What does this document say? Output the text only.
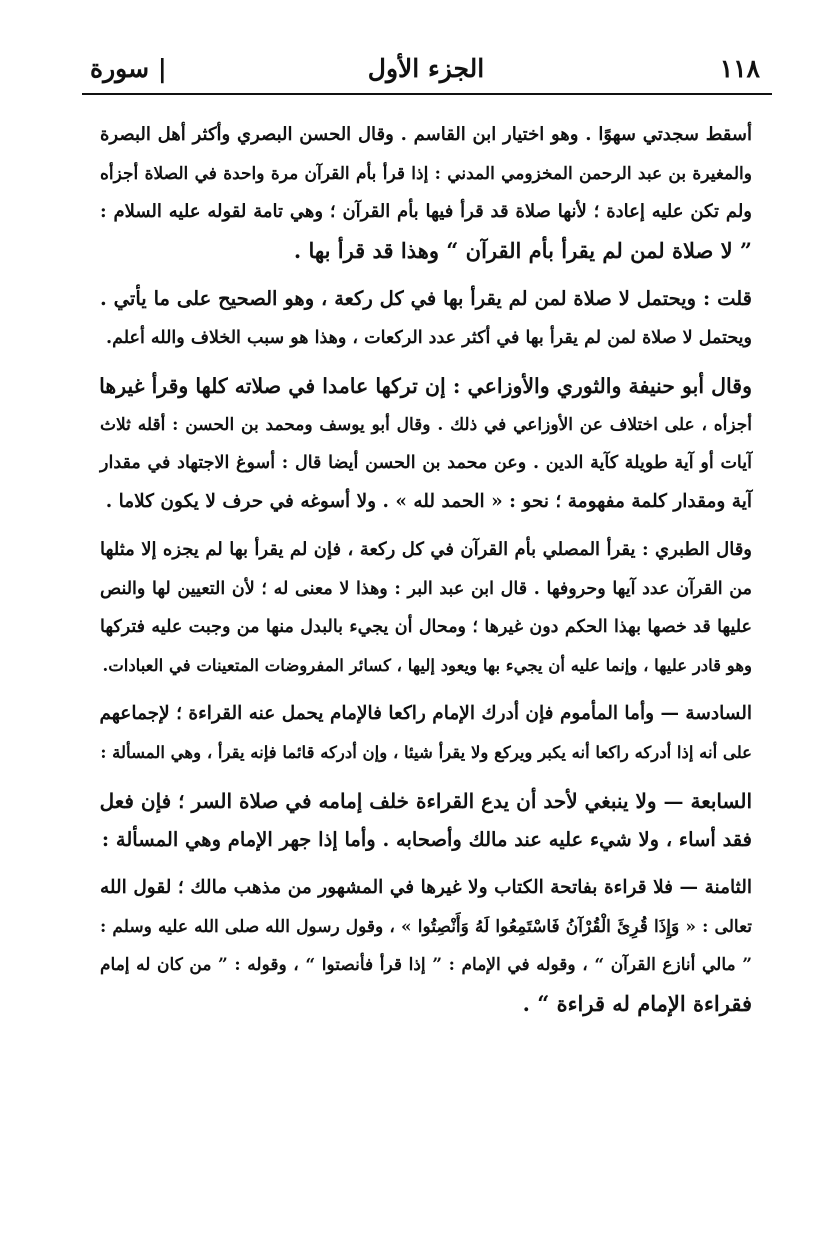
١١٨
الجزء الأول
| سورة
أسقط سجدتي سهوًا . وهو اختيار ابن القاسم . وقال الحسن البصري وأكثر أهل البصرة
والمغيرة بن عبد الرحمن المخزومي المدني : إذا قرأ بأم القرآن مرة واحدة في الصلاة أجزأه
ولم تكن عليه إعادة ؛ لأنها صلاة قد قرأ فيها بأم القرآن ؛ وهي تامة لقوله عليه السلام :
” لا صلاة لمن لم يقرأ بأم القرآن “ وهذا قد قرأ بها .
قلت : ويحتمل لا صلاة لمن لم يقرأ بها في كل ركعة ، وهو الصحيح على ما يأتي .
ويحتمل لا صلاة لمن لم يقرأ بها في أكثر عدد الركعات ، وهذا هو سبب الخلاف والله أعلم.
وقال أبو حنيفة والثوري والأوزاعي : إن تركها عامدا في صلاته كلها وقرأ غيرها
أجزأه ، على اختلاف عن الأوزاعي في ذلك . وقال أبو يوسف ومحمد بن الحسن : أقله ثلاث
آيات أو آية طويلة كآية الدين . وعن محمد بن الحسن أيضا قال : أسوغ الاجتهاد في مقدار
آية ومقدار كلمة مفهومة ؛ نحو : « الحمد لله » . ولا أسوغه في حرف لا يكون كلاما .
وقال الطبري : يقرأ المصلي بأم القرآن في كل ركعة ، فإن لم يقرأ بها لم يجزه إلا مثلها
من القرآن عدد آيها وحروفها . قال ابن عبد البر : وهذا لا معنى له ؛ لأن التعيين لها والنص
عليها قد خصها بهذا الحكم دون غيرها ؛ ومحال أن يجيء بالبدل منها من وجبت عليه فتركها
وهو قادر عليها ، وإنما عليه أن يجيء بها ويعود إليها ، كسائر المفروضات المتعينات في العبادات.
السادسة — وأما المأموم فإن أدرك الإمام راكعا فالإمام يحمل عنه القراءة ؛ لإجماعهم
على أنه إذا أدركه راكعا أنه يكبر ويركع ولا يقرأ شيئا ، وإن أدركه قائما فإنه يقرأ ، وهي المسألة :
السابعة — ولا ينبغي لأحد أن يدع القراءة خلف إمامه في صلاة السر ؛ فإن فعل
فقد أساء ، ولا شيء عليه عند مالك وأصحابه . وأما إذا جهر الإمام وهي المسألة :
الثامنة — فلا قراءة بفاتحة الكتاب ولا غيرها في المشهور من مذهب مالك ؛ لقول الله
تعالى : « وَإِذَا قُرِئَ الْقُرْآنُ فَاسْتَمِعُوا لَهُ وَأَنْصِتُوا » ، وقول رسول الله صلى الله عليه وسلم :
” مالي أنازع القرآن “ ، وقوله في الإمام : ” إذا قرأ فأنصتوا “ ، وقوله : ” من كان له إمام
فقراءة الإمام له قراءة “ .
